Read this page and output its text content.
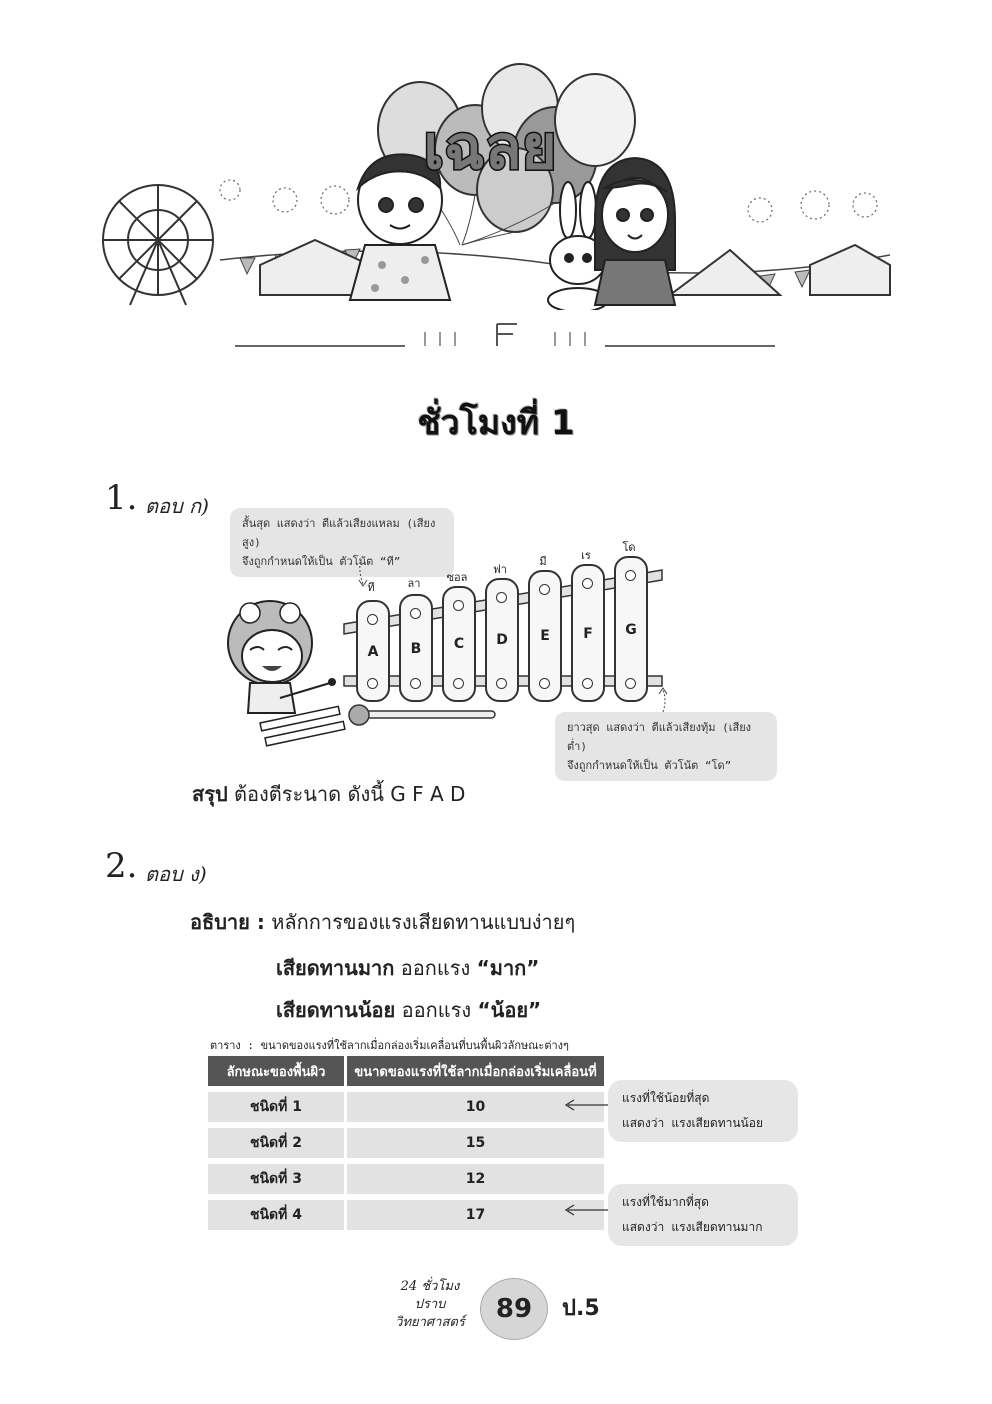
เฉลย
ชั่วโมงที่ 1
1. ตอบ ก)
สั้นสุด แสดงว่า ตีแล้วเสียงแหลม (เสียงสูง)
จึงถูกกำหนดให้เป็น ตัวโน้ต “ที”
A	B	C	D	E	F	G
ที	ลา	ซอล
ฟา
มี	เร
โด
ยาวสุด แสดงว่า ตีแล้วเสียงทุ้ม (เสียงต่ำ)
จึงถูกกำหนดให้เป็น ตัวโน้ต “โด”
สรุป ต้องตีระนาด ดังนี้ G F A D
2. ตอบ ง)
อธิบาย : หลักการของแรงเสียดทานแบบง่ายๆ
เสียดทานมาก ออกแรง “มาก”
เสียดทานน้อย ออกแรง “น้อย”
ตาราง : ขนาดของแรงที่ใช้ลากเมื่อกล่องเริ่มเคลื่อนที่บนพื้นผิวลักษณะต่างๆ
ลักษณะของพื้นผิว	ขนาดของแรงที่ใช้ลากเมื่อกล่องเริ่มเคลื่อนที่
ชนิดที่ 1	10
ชนิดที่ 2	15
ชนิดที่ 3	12
ชนิดที่ 4	17
แรงที่ใช้น้อยที่สุด
แสดงว่า แรงเสียดทานน้อย
แรงที่ใช้มากที่สุด
แสดงว่า แรงเสียดทานมาก
24 ชั่วโมง
ปราบ
วิทยาศาสตร์	89	ป.5
